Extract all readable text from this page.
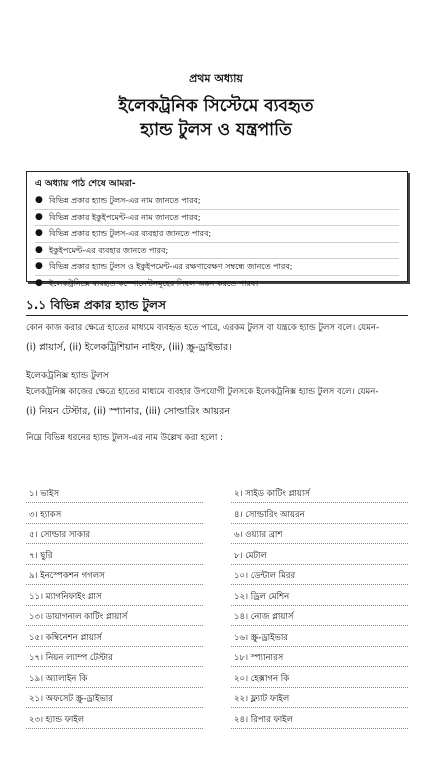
প্রথম অধ্যায়
ইলেকট্রনিক সিস্টেমে ব্যবহৃত
হ্যান্ড টুলস ও যন্ত্রপাতি
এ অধ্যায় পাঠ শেষে আমরা-
● বিভিন্ন প্রকার হ্যান্ড টুলস-এর নাম জানতে পারব;
● বিভিন্ন প্রকার ইকুইপমেন্ট-এর নাম জানতে পারব;
● বিভিন্ন প্রকার হ্যান্ড টুলস-এর ব্যবহার জানতে পারব;
● ইকুইপমেন্ট-এর ব্যবহার জানতে পারব;
● বিভিন্ন প্রকার হ্যান্ড টুলস ও ইকুইপমেন্ট-এর রক্ষণাবেক্ষণ সম্বন্ধে জানতে পারব;
● ইলেকট্রনিক্সে ব্যবহৃত কম্পোনেন্টসমূহের সিম্বল অঙ্কন করতে পারব।
১.১ বিভিন্ন প্রকার হ্যান্ড টুলস
কোন কাজ করার ক্ষেত্রে হাতের মাধ্যমে ব্যবহৃত হতে পারে, এরকম টুলস বা যন্ত্রকে হ্যান্ড টুলস বলে। যেমন-
(i) প্লায়ার্স, (ii) ইলেকট্রিশিয়ান নাইফ, (iii) স্ক্রু-ড্রাইভার।
ইলেকট্রনিক্স হ্যান্ড টুলস
ইলেকট্রনিক্স কাজের ক্ষেত্রে হাতের মাধ্যমে ব্যবহার উপযোগী টুলসকে ইলেকট্রনিক্স হ্যান্ড টুলস বলে। যেমন-
(i) নিয়ন টেস্টার, (ii) স্প্যানার, (iii) সোল্ডারিং আয়রন
নিম্নে বিভিন্ন ধরনের হ্যান্ড টুলস-এর নাম উল্লেখ করা হলো :
১। ভাইস	২। সাইড কাটিং প্লায়ার্স
৩। হ্যাকস	৪। সোল্ডারিং আয়রন
৫। সোল্ডার সাকার	৬। ওয়্যার ব্রাশ
৭। ছুরি	৮। মেটাল
৯। ইনস্পেকশন গগলস	১০। ডেন্টাল মিরর
১১। ম্যাগনিফাইং গ্লাস	১২। ড্রিল মেশিন
১৩। ডায়াগনাল কাটিং প্লায়ার্স	১৪। নোজ প্লায়ার্স
১৫। কম্বিনেশন প্লায়ার্স	১৬। স্ক্রু-ড্রাইভার
১৭। নিয়ন ল্যাম্প টেস্টার	১৮। স্প্যানারস
১৯। অ্যালাইন কি	২০। হেক্সাগন কি
২১। অফসেট স্ক্রু-ড্রাইভার	২২। ফ্ল্যাট ফাইল
২৩। হ্যান্ড ফাইল	২৪। রিপার ফাইল
